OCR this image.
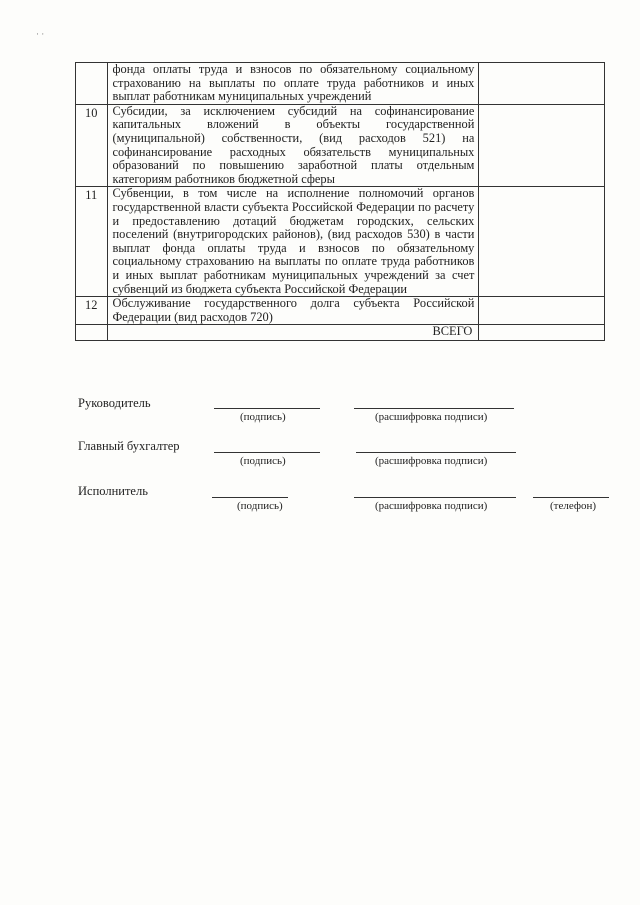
· ·
	фонда оплаты труда и взносов по обязательному социальному страхованию на выплаты по оплате труда работников и иных выплат работникам муниципальных учреждений	
10	Субсидии, за исключением субсидий на софинансирование капитальных вложений в объекты государственной (муниципальной) собственности, (вид расходов 521) на софинансирование расходных обязательств муниципальных образований по повышению заработной платы отдельным категориям работников бюджетной сферы	
11	Субвенции, в том числе на исполнение полномочий органов государственной власти субъекта Российской Федерации по расчету и предоставлению дотаций бюджетам городских, сельских поселений (внутригородских районов), (вид расходов 530) в части выплат фонда оплаты труда и взносов по обязательному социальному страхованию на выплаты по оплате труда работников и иных выплат работникам муниципальных учреждений за счет субвенций из бюджета субъекта Российской Федерации	
12	Обслуживание государственного долга субъекта Российской Федерации (вид расходов 720)	
	ВСЕГО	
Руководитель
(подпись)	(расшифровка подписи)
Главный бухгалтер
(подпись)	(расшифровка подписи)
Исполнитель
(подпись)	(расшифровка подписи)	(телефон)
